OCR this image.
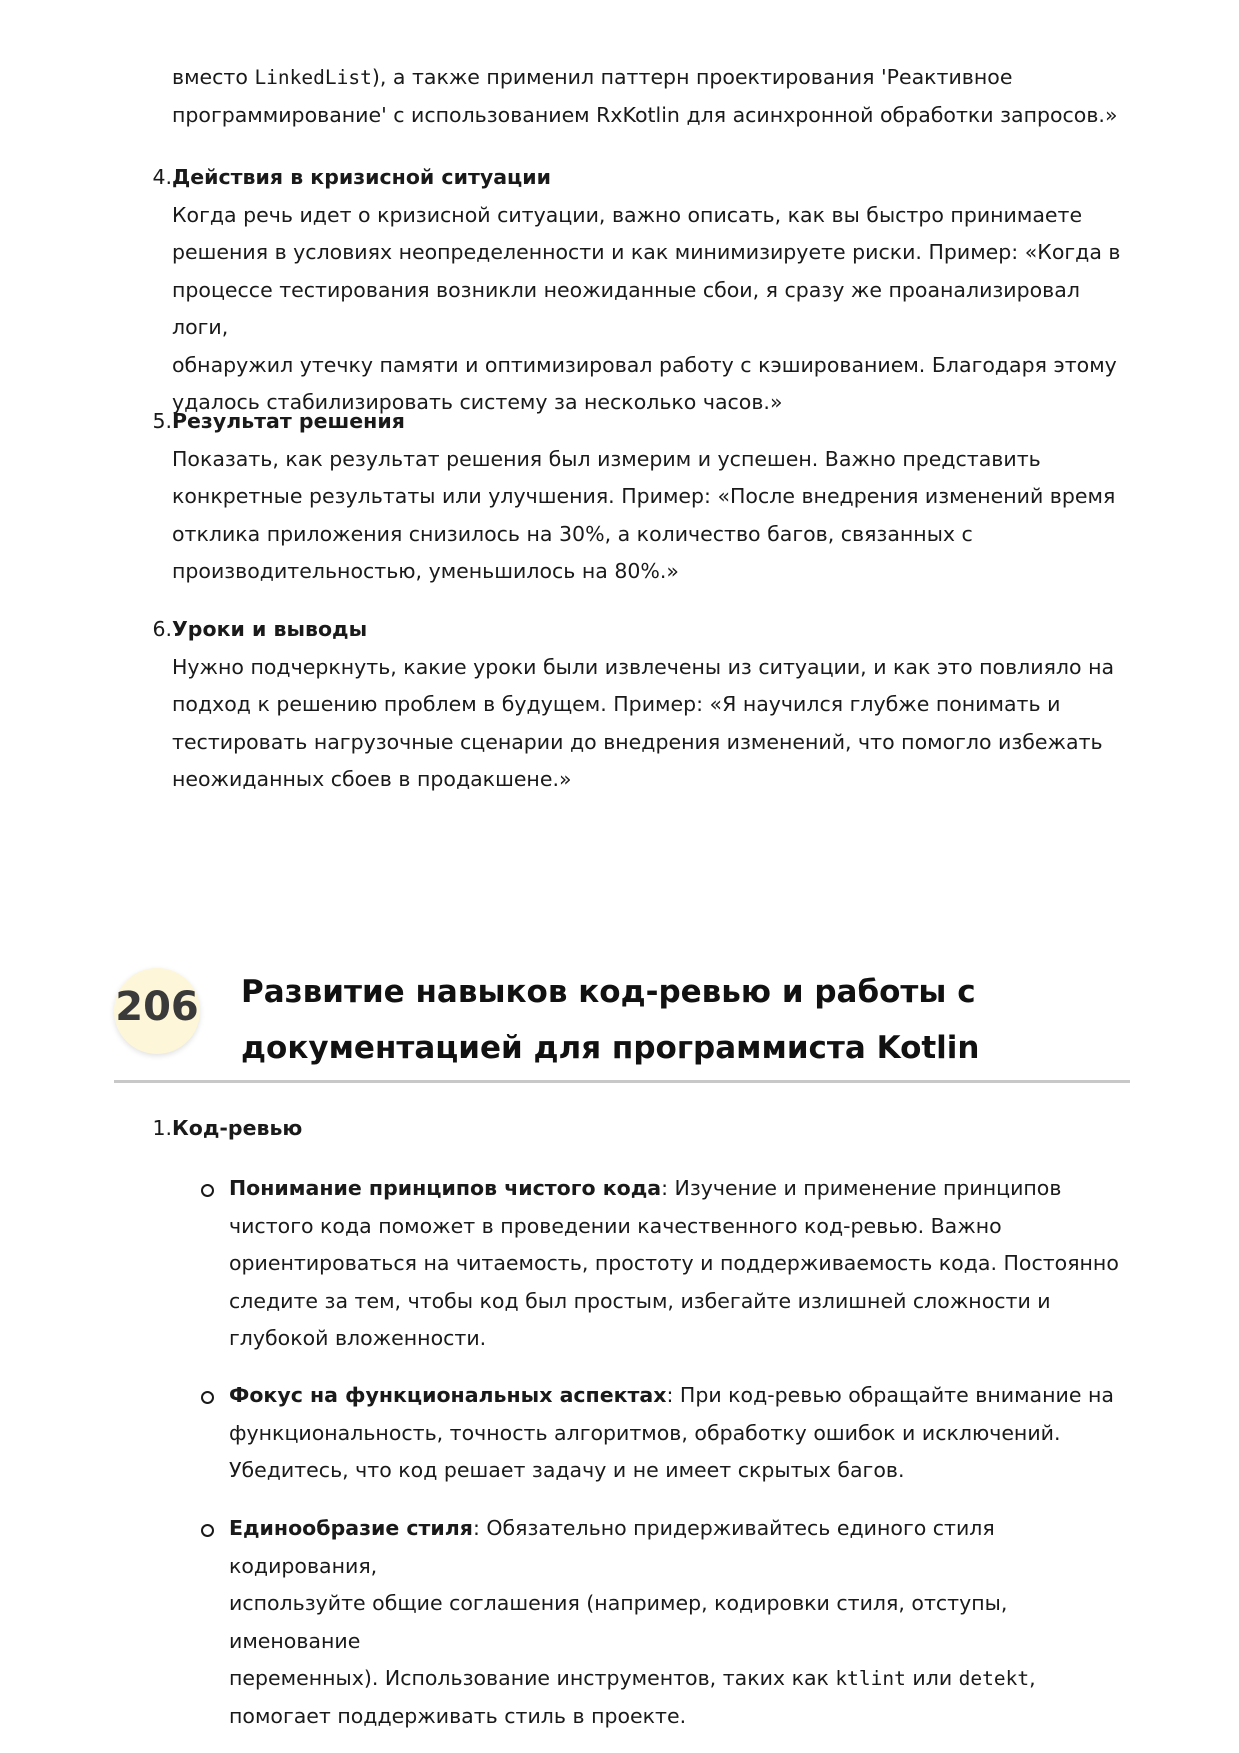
вместо LinkedList), а также применил паттерн проектирования 'Реактивное
программирование' с использованием RxKotlin для асинхронной обработки запросов.»
4. Действия в кризисной ситуации
Когда речь идет о кризисной ситуации, важно описать, как вы быстро принимаете
решения в условиях неопределенности и как минимизируете риски. Пример: «Когда в
процессе тестирования возникли неожиданные сбои, я сразу же проанализировал логи,
обнаружил утечку памяти и оптимизировал работу с кэшированием. Благодаря этому
удалось стабилизировать систему за несколько часов.»
5. Результат решения
Показать, как результат решения был измерим и успешен. Важно представить
конкретные результаты или улучшения. Пример: «После внедрения изменений время
отклика приложения снизилось на 30%, а количество багов, связанных с
производительностью, уменьшилось на 80%.»
6. Уроки и выводы
Нужно подчеркнуть, какие уроки были извлечены из ситуации, и как это повлияло на
подход к решению проблем в будущем. Пример: «Я научился глубже понимать и
тестировать нагрузочные сценарии до внедрения изменений, что помогло избежать
неожиданных сбоев в продакшене.»
206 Развитие навыков код-ревью и работы с
документацией для программиста Kotlin
1. Код-ревью
Понимание принципов чистого кода: Изучение и применение принципов
чистого кода поможет в проведении качественного код-ревью. Важно
ориентироваться на читаемость, простоту и поддерживаемость кода. Постоянно
следите за тем, чтобы код был простым, избегайте излишней сложности и
глубокой вложенности.
Фокус на функциональных аспектах: При код-ревью обращайте внимание на
функциональность, точность алгоритмов, обработку ошибок и исключений.
Убедитесь, что код решает задачу и не имеет скрытых багов.
Единообразие стиля: Обязательно придерживайтесь единого стиля кодирования,
используйте общие соглашения (например, кодировки стиля, отступы, именование
переменных). Использование инструментов, таких как ktlint или detekt,
помогает поддерживать стиль в проекте.
